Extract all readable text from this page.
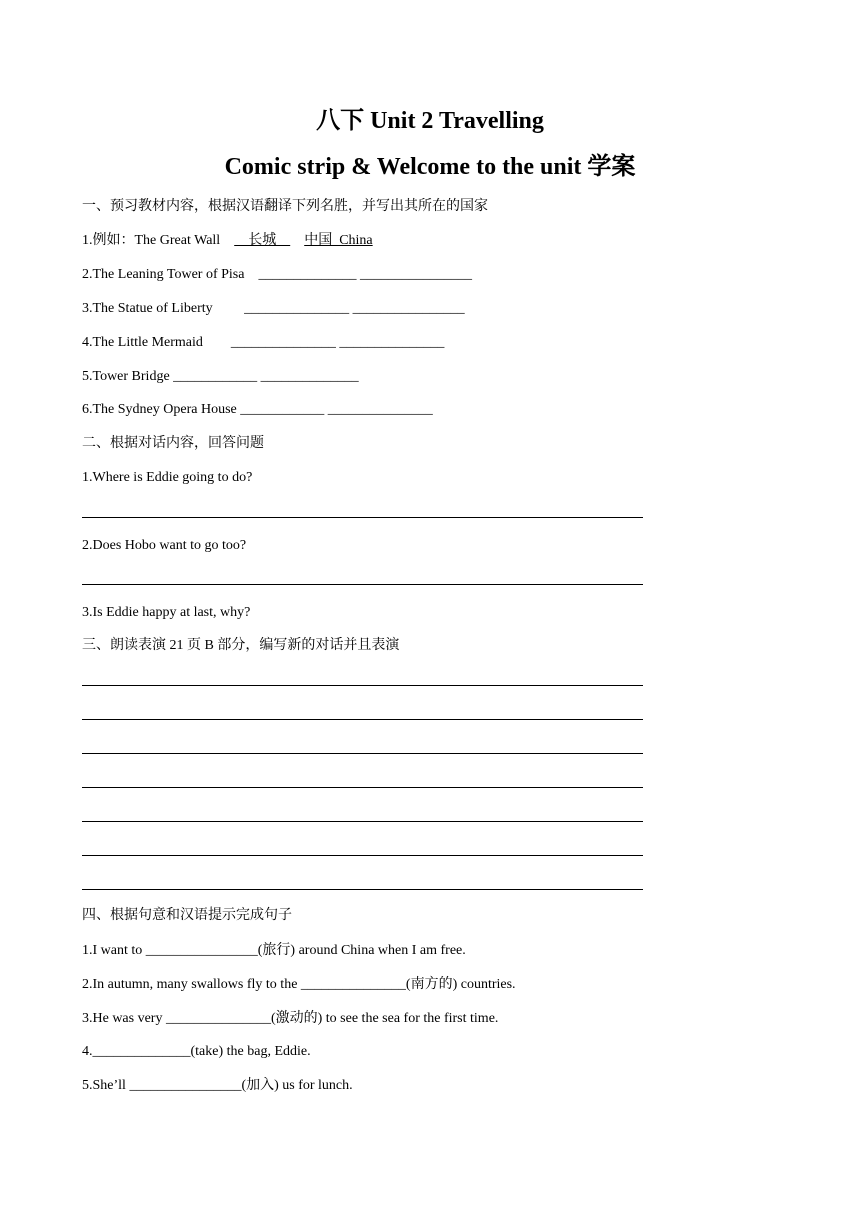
八下 Unit 2 Travelling
Comic strip & Welcome to the unit 学案
一、预习教材内容，根据汉语翻译下列名胜，并写出其所在的国家
1.例如：The Great Wall        长城        中国  China
2.The Leaning Tower of Pisa    ______________ ________________
3.The Statue of Liberty         _______________ ________________
4.The Little Mermaid        _______________ _______________
5.Tower Bridge ____________ ______________
6.The Sydney Opera House ____________ _______________
二、根据对话内容，回答问题
1.Where is Eddie going to do?
2.Does Hobo want to go too?
3.Is Eddie happy at last, why?
三、朗读表演 21 页 B 部分，编写新的对话并且表演
四、根据句意和汉语提示完成句子
1.I want to ________________(旅行) around China when I am free.
2.In autumn, many swallows fly to the _______________(南方的) countries.
3.He was very _______________(激动的) to see the sea for the first time.
4.______________(take) the bag, Eddie.
5.She’ll ________________(加入) us for lunch.
